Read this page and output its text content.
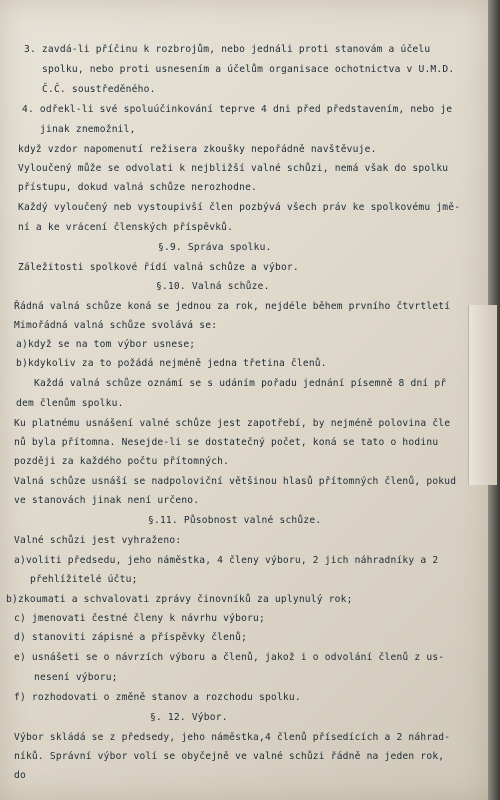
3. zavdá-li příčinu k rozbrojům, nebo jednáli proti stanovám a účelu
spolku, nebo proti usnesením a účelům organisace ochotnictva v U.M.D.
Č.Č. soustředěného.
4. odřekl-li své spoluúčinkování teprve 4 dni před představením, nebo je
jinak znemožnil,
když vzdor napomenutí režisera zkoušky nepořádně navštěvuje.
Vyloučený může se odvolati k nejbližší valné schůzi, nemá však do spolku
přístupu, dokud valná schůze nerozhodne.
Každý vyloučený neb vystoupivší člen pozbývá všech práv ke spolkovému jmě-
ní a ke vrácení členských příspěvků.
§.9. Správa spolku.
Záležitosti spolkové řídí valná schůze a výbor.
§.10. Valná schůze.
Řádná valná schůze koná se jednou za rok, nejdéle během prvního čtvrtletí
Mimořádná valná schůze svolává se:
a)když se na tom výbor usnese;
b)kdykoliv za to požádá nejméně jedna třetina členů.
Každá valná schůze oznámí se s udáním pořadu jednání písemně 8 dní př
dem členům spolku.
Ku platnému usnášení valné schůze jest zapotřebí, by nejméně polovina čle
nů byla přítomna. Nesejde-li se dostatečný počet, koná se tato o hodinu
později za každého počtu přítomných.
Valná schůze usnáší se nadpoloviční většinou hlasů přítomných členů, pokud
ve stanovách jinak není určeno.
§.11. Působnost valné schůze.
Valné schůzi jest vyhraženo:
a)voliti předsedu, jeho náměstka, 4 členy výboru, 2 jich náhradníky a 2
přehlížitelé účtu;
b)zkoumati a schvalovati zprávy činovníků za uplynulý rok;
c) jmenovati čestné členy k návrhu výboru;
d) stanoviti zápisné a příspěvky členů;
e) usnášeti se o návrzích výboru a členů, jakož i o odvolání členů z us-
nesení výboru;
f) rozhodovati o změně stanov a rozchodu spolku.
§. 12. Výbor.
Výbor skládá se z předsedy, jeho náměstka,4 členů přísedících a 2 náhrad-
níků. Správní výbor volí se obyčejně ve valné schůzi řádně na jeden rok,
do
